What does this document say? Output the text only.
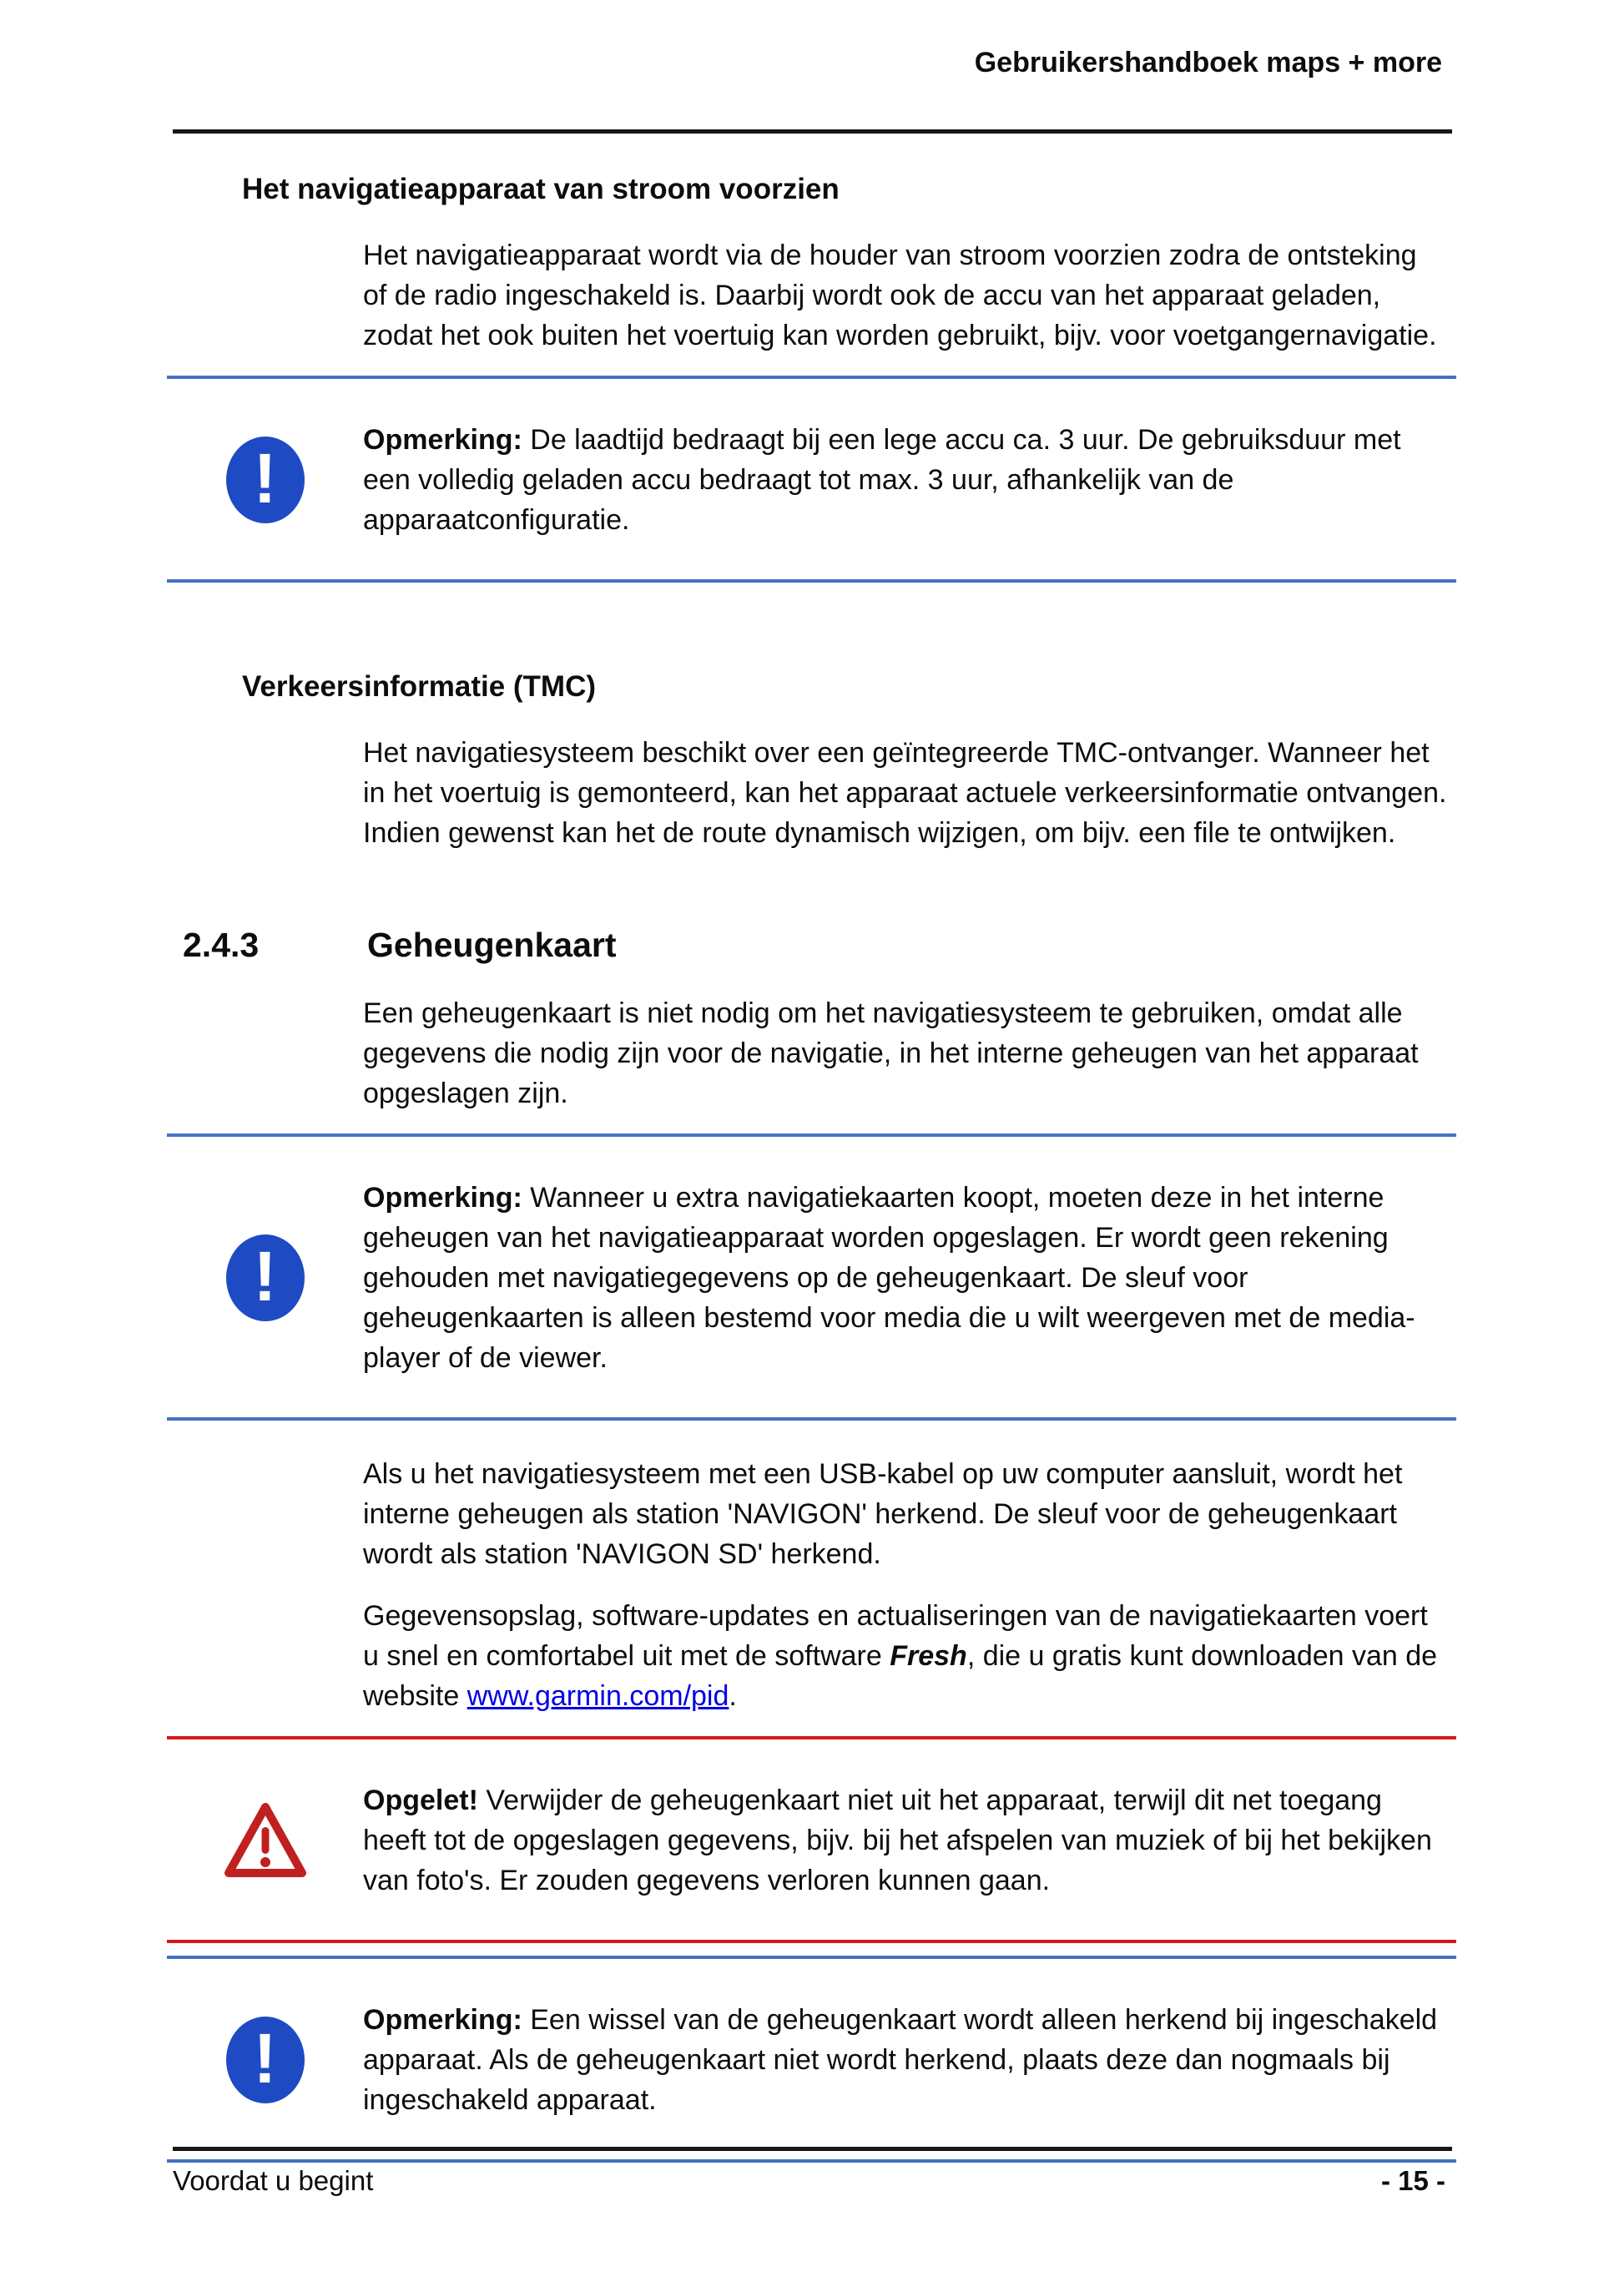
Gebruikershandboek maps + more
Het navigatieapparaat van stroom voorzien

Het navigatieapparaat wordt via de houder van stroom voorzien zodra de ontsteking of de radio ingeschakeld is. Daarbij wordt ook de accu van het apparaat geladen, zodat het ook buiten het voertuig kan worden gebruikt, bijv. voor voetgangernavigatie.

!	Opmerking: De laadtijd bedraagt bij een lege accu ca. 3 uur. De gebruiksduur met een volledig geladen accu bedraagt tot max. 3 uur, afhankelijk van de apparaatconfiguratie.

Verkeersinformatie (TMC)

Het navigatiesysteem beschikt over een geïntegreerde TMC-ontvanger. Wanneer het in het voertuig is gemonteerd, kan het apparaat actuele verkeersinformatie ontvangen. Indien gewenst kan het de route dynamisch wijzigen, om bijv. een file te ontwijken.

2.4.3	Geheugenkaart

Een geheugenkaart is niet nodig om het navigatiesysteem te gebruiken, omdat alle gegevens die nodig zijn voor de navigatie, in het interne geheugen van het apparaat opgeslagen zijn.

!

Opmerking: Wanneer u extra navigatiekaarten koopt, moeten deze in het interne geheugen van het navigatieapparaat worden opgeslagen. Er wordt geen rekening gehouden met navigatiegegevens op de geheugenkaart. De sleuf voor geheugenkaarten is alleen bestemd voor media die u wilt weergeven met de media-player of de viewer.

Als u het navigatiesysteem met een USB-kabel op uw computer aansluit, wordt het interne geheugen als station 'NAVIGON' herkend. De sleuf voor de geheugenkaart wordt als station 'NAVIGON SD' herkend.

Gegevensopslag, software-updates en actualiseringen van de navigatiekaarten voert u snel en comfortabel uit met de software Fresh, die u gratis kunt downloaden van de website www.garmin.com/pid.

Opgelet! Verwijder de geheugenkaart niet uit het apparaat, terwijl dit net toegang heeft tot de opgeslagen gegevens, bijv. bij het afspelen van muziek of bij het bekijken van foto's. Er zouden gegevens verloren kunnen gaan.

!	Opmerking: Een wissel van de geheugenkaart wordt alleen herkend bij ingeschakeld apparaat. Als de geheugenkaart niet wordt herkend, plaats deze dan nogmaals bij ingeschakeld apparaat.

Voordat u begint	- 15 -
